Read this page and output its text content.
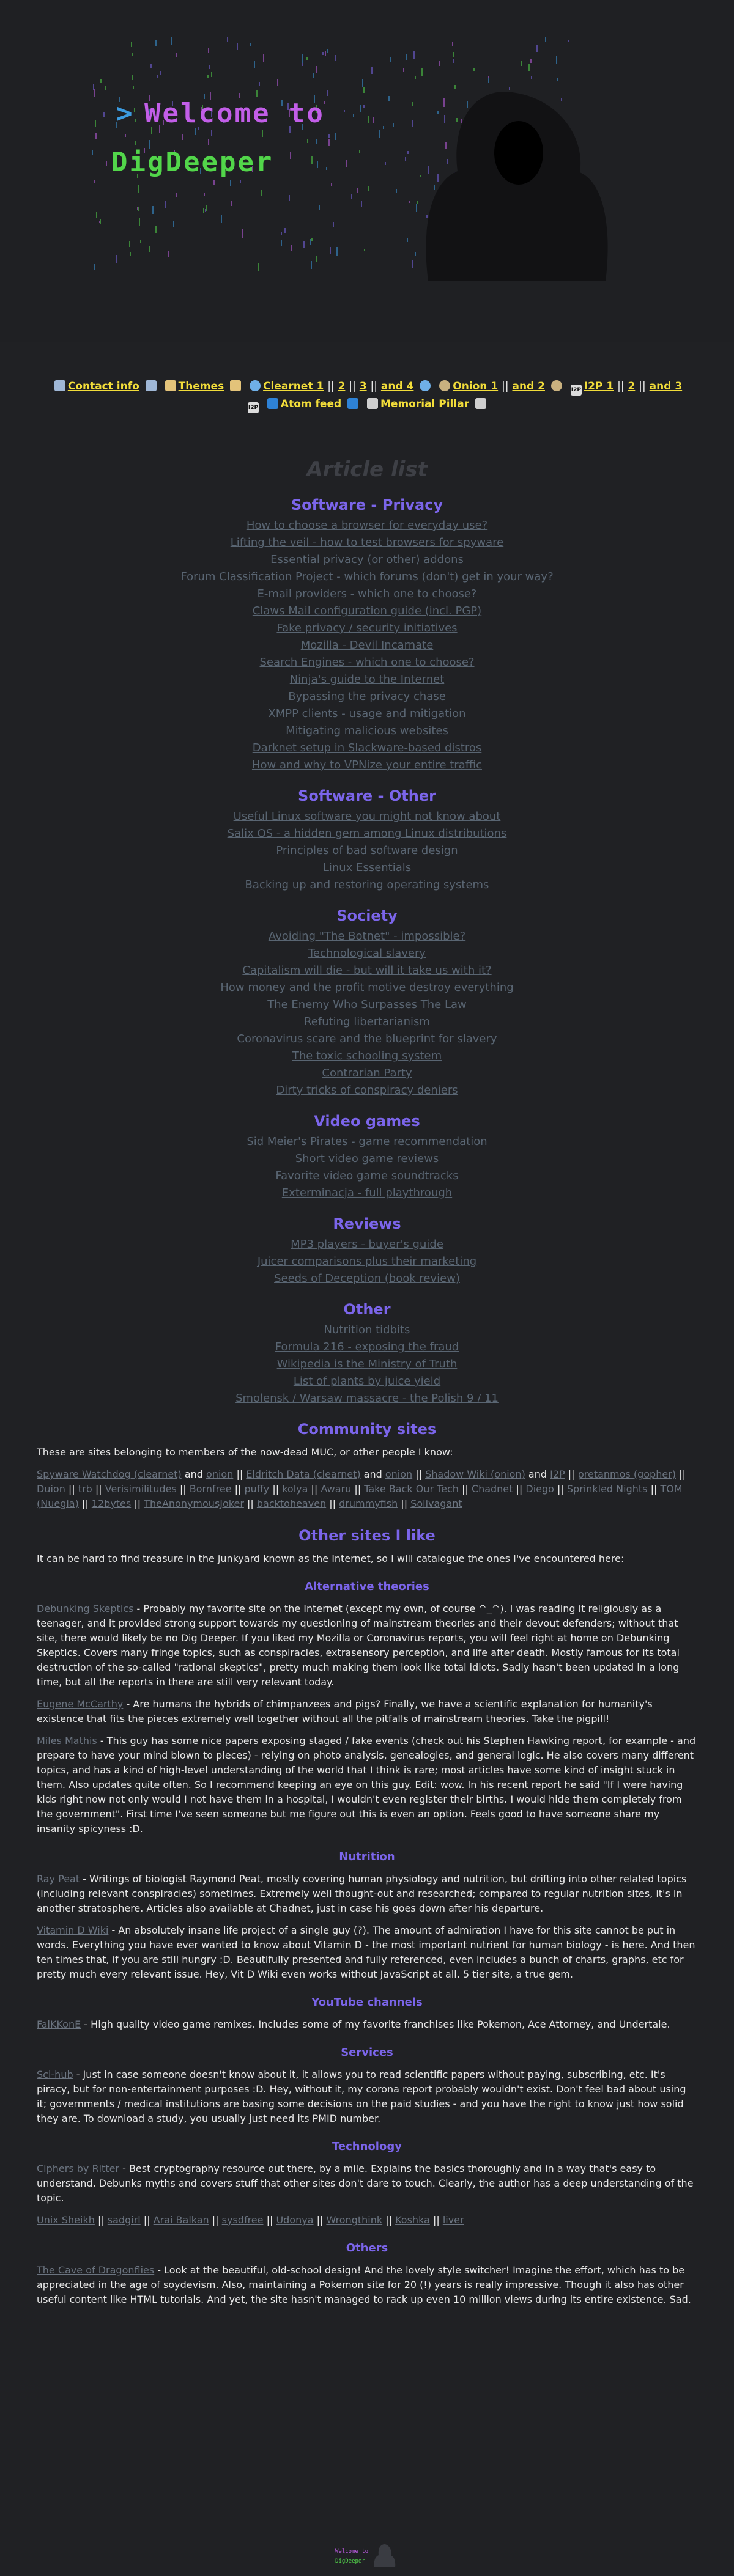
> Welcome to
DigDeeper
Contact info	Themes	Clearnet 1 || 2 || 3 || and 4	Onion 1 || and 2	I2P I2P 1 || 2 || and 3 I2P Atom feed	Memorial Pillar
Article list
Software - Privacy
How to choose a browser for everyday use?
Lifting the veil - how to test browsers for spyware
Essential privacy (or other) addons
Forum Classification Project - which forums (don't) get in your way?
E-mail providers - which one to choose?
Claws Mail configuration guide (incl. PGP)
Fake privacy / security initiatives
Mozilla - Devil Incarnate
Search Engines - which one to choose?
Ninja's guide to the Internet
Bypassing the privacy chase
XMPP clients - usage and mitigation
Mitigating malicious websites
Darknet setup in Slackware-based distros
How and why to VPNize your entire traffic
Software - Other
Useful Linux software you might not know about
Salix OS - a hidden gem among Linux distributions
Principles of bad software design
Linux Essentials
Backing up and restoring operating systems
Society
Avoiding "The Botnet" - impossible?
Technological slavery
Capitalism will die - but will it take us with it?
How money and the profit motive destroy everything
The Enemy Who Surpasses The Law
Refuting libertarianism
Coronavirus scare and the blueprint for slavery
The toxic schooling system
Contrarian Party
Dirty tricks of conspiracy deniers
Video games
Sid Meier's Pirates - game recommendation
Short video game reviews
Favorite video game soundtracks
Exterminacja - full playthrough
Reviews
MP3 players - buyer's guide
Juicer comparisons plus their marketing
Seeds of Deception (book review)
Other
Nutrition tidbits
Formula 216 - exposing the fraud
Wikipedia is the Ministry of Truth
List of plants by juice yield
Smolensk / Warsaw massacre - the Polish 9 / 11
Community sites

These are sites belonging to members of the now-dead MUC, or other people I know:

Spyware Watchdog (clearnet) and onion || Eldritch Data (clearnet) and onion || Shadow Wiki (onion) and I2P || pretanmos (gopher) || Duion || trb || Verisimilitudes || Bornfree || puffy || kolya || Awaru || Take Back Our Tech || Chadnet || Diego || Sprinkled Nights || TOM (Nuegia) || 12bytes || TheAnonymousJoker || backtoheaven || drummyfish || Solivagant

Other sites I like

It can be hard to find treasure in the junkyard known as the Internet, so I will catalogue the ones I've encountered here:

Alternative theories

Debunking Skeptics - Probably my favorite site on the Internet (except my own, of course ^_^). I was reading it religiously as a teenager, and it provided strong support towards my questioning of mainstream theories and their devout defenders; without that site, there would likely be no Dig Deeper. If you liked my Mozilla or Coronavirus reports, you will feel right at home on Debunking Skeptics. Covers many fringe topics, such as conspiracies, extrasensory perception, and life after death. Mostly famous for its total destruction of the so-called "rational skeptics", pretty much making them look like total idiots. Sadly hasn't been updated in a long time, but all the reports in there are still very relevant today.

Eugene McCarthy - Are humans the hybrids of chimpanzees and pigs? Finally, we have a scientific explanation for humanity's existence that fits the pieces extremely well together without all the pitfalls of mainstream theories. Take the pigpill!

Miles Mathis - This guy has some nice papers exposing staged / fake events (check out his Stephen Hawking report, for example - and prepare to have your mind blown to pieces) - relying on photo analysis, genealogies, and general logic. He also covers many different topics, and has a kind of high-level understanding of the world that I think is rare; most articles have some kind of insight stuck in them. Also updates quite often. So I recommend keeping an eye on this guy. Edit: wow. In his recent report he said "If I were having kids right now not only would I not have them in a hospital, I wouldn't even register their births. I would hide them completely from the government". First time I've seen someone but me figure out this is even an option. Feels good to have someone share my insanity spicyness :D.

Nutrition

Ray Peat - Writings of biologist Raymond Peat, mostly covering human physiology and nutrition, but drifting into other related topics (including relevant conspiracies) sometimes. Extremely well thought-out and researched; compared to regular nutrition sites, it's in another stratosphere. Articles also available at Chadnet, just in case his goes down after his departure.

Vitamin D Wiki - An absolutely insane life project of a single guy (?). The amount of admiration I have for this site cannot be put in words. Everything you have ever wanted to know about Vitamin D - the most important nutrient for human biology - is here. And then ten times that, if you are still hungry :D. Beautifully presented and fully referenced, even includes a bunch of charts, graphs, etc for pretty much every relevant issue. Hey, Vit D Wiki even works without JavaScript at all. 5 tier site, a true gem.

YouTube channels

FalKKonE - High quality video game remixes. Includes some of my favorite franchises like Pokemon, Ace Attorney, and Undertale.

Services

Sci-hub - Just in case someone doesn't know about it, it allows you to read scientific papers without paying, subscribing, etc. It's piracy, but for non-entertainment purposes :D. Hey, without it, my corona report probably wouldn't exist. Don't feel bad about using it; governments / medical institutions are basing some decisions on the paid studies - and you have the right to know just how solid they are. To download a study, you usually just need its PMID number.

Technology

Ciphers by Ritter - Best cryptography resource out there, by a mile. Explains the basics thoroughly and in a way that's easy to understand. Debunks myths and covers stuff that other sites don't dare to touch. Clearly, the author has a deep understanding of the topic.

Unix Sheikh || sadgirl || Arai Balkan || sysdfree || Udonya || Wrongthink || Koshka || liver

Others

The Cave of Dragonflies - Look at the beautiful, old-school design! And the lovely style switcher! Imagine the effort, which has to be appreciated in the age of soydevism. Also, maintaining a Pokemon site for 20 (!) years is really impressive. Though it also has other useful content like HTML tutorials. And yet, the site hasn't managed to rack up even 10 million views during its entire existence. Sad.

Welcome to
DigDeeper
